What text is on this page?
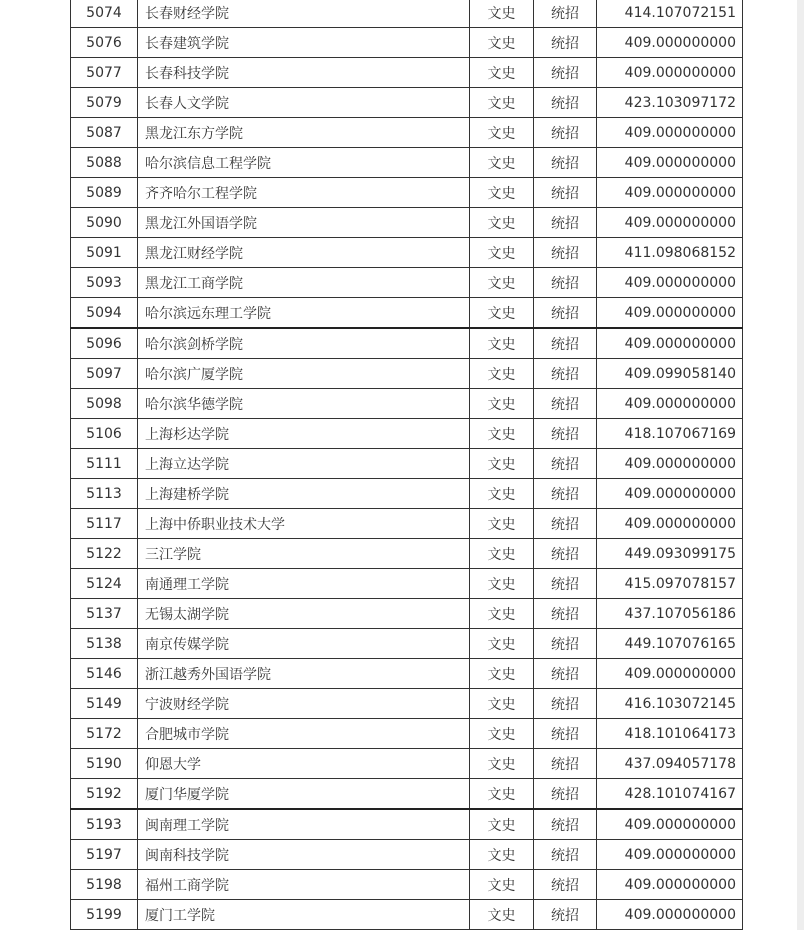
5074	长春财经学院	文史	统招	414.107072151
5076	长春建筑学院	文史	统招	409.000000000
5077	长春科技学院	文史	统招	409.000000000
5079	长春人文学院	文史	统招	423.103097172
5087	黑龙江东方学院	文史	统招	409.000000000
5088	哈尔滨信息工程学院	文史	统招	409.000000000
5089	齐齐哈尔工程学院	文史	统招	409.000000000
5090	黑龙江外国语学院	文史	统招	409.000000000
5091	黑龙江财经学院	文史	统招	411.098068152
5093	黑龙江工商学院	文史	统招	409.000000000
5094	哈尔滨远东理工学院	文史	统招	409.000000000
5096	哈尔滨剑桥学院	文史	统招	409.000000000
5097	哈尔滨广厦学院	文史	统招	409.099058140
5098	哈尔滨华德学院	文史	统招	409.000000000
5106	上海杉达学院	文史	统招	418.107067169
5111	上海立达学院	文史	统招	409.000000000
5113	上海建桥学院	文史	统招	409.000000000
5117	上海中侨职业技术大学	文史	统招	409.000000000
5122	三江学院	文史	统招	449.093099175
5124	南通理工学院	文史	统招	415.097078157
5137	无锡太湖学院	文史	统招	437.107056186
5138	南京传媒学院	文史	统招	449.107076165
5146	浙江越秀外国语学院	文史	统招	409.000000000
5149	宁波财经学院	文史	统招	416.103072145
5172	合肥城市学院	文史	统招	418.101064173
5190	仰恩大学	文史	统招	437.094057178
5192	厦门华厦学院	文史	统招	428.101074167
5193	闽南理工学院	文史	统招	409.000000000
5197	闽南科技学院	文史	统招	409.000000000
5198	福州工商学院	文史	统招	409.000000000
5199	厦门工学院	文史	统招	409.000000000
